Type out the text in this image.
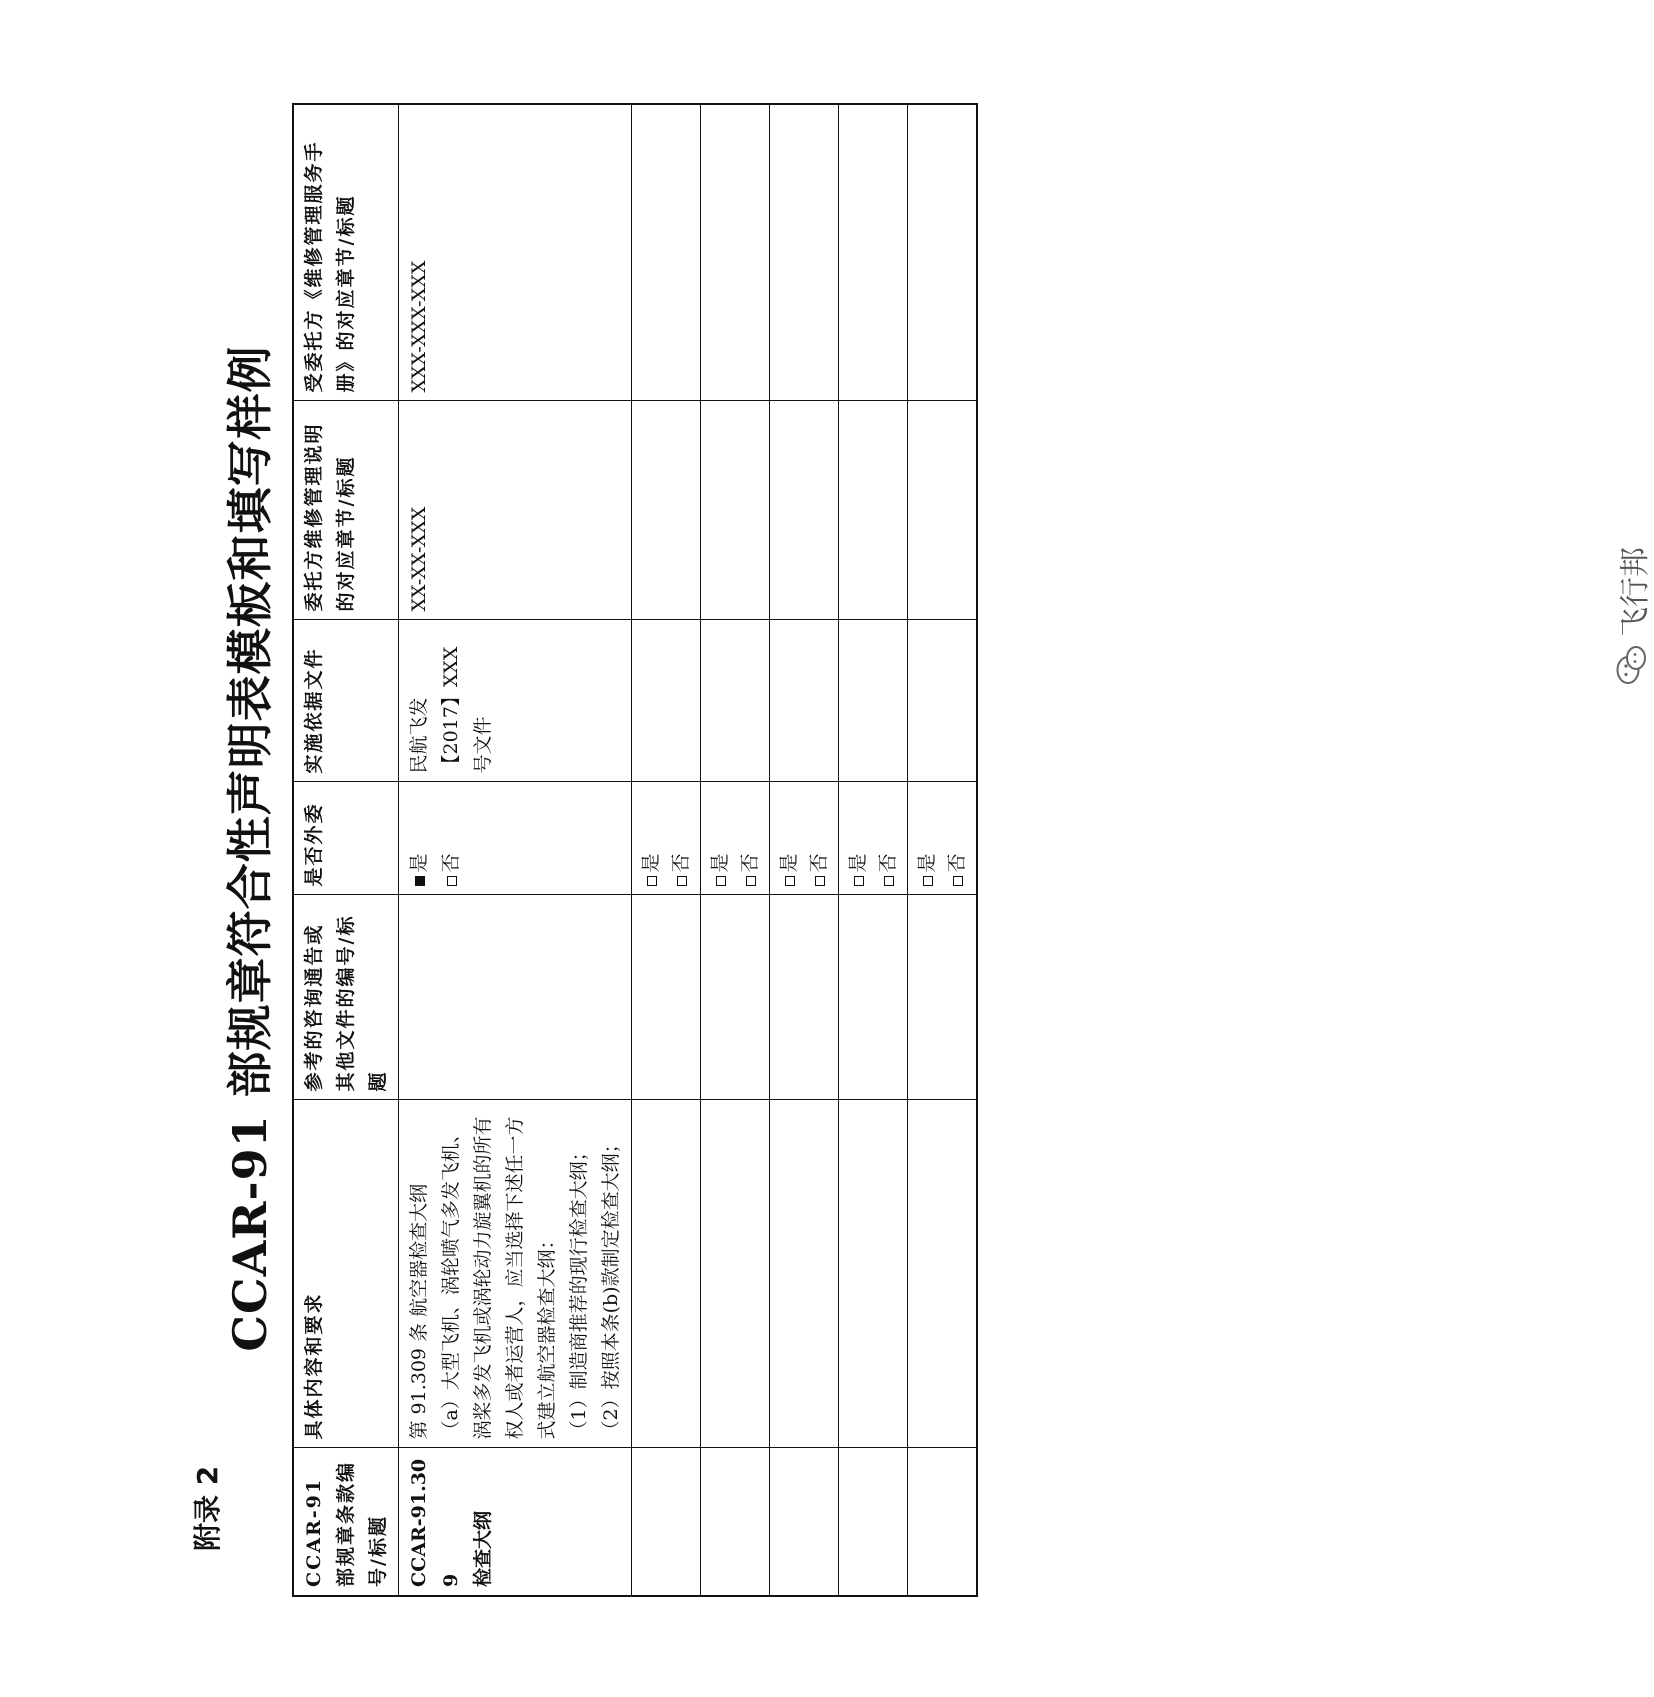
附录 2
CCAR-91 部规章符合性声明表模板和填写样例
CCAR-91 部规章条款编号/标题	具体内容和要求	参考的咨询通告或其他文件的编号/标题	是否外委	实施依据文件	委托方维修管理说明的对应章节/标题	受委托方《维修管理服务手册》的对应章节/标题

CCAR-91.309 检查大纲	第 91.309 条 航空器检查大纲 （a）大型飞机、涡轮喷气多发飞机、涡桨多发飞机或涡轮动力旋翼机的所有权人或者运营人，应当选择下述任一方式建立航空器检查大纲： （1）制造商推荐的现行检查大纲； （2）按照本条(b)款制定检查大纲；		是 否	民航飞发 【2017】XXX 号文件	XX-XX-XXX	XXX-XXX-XXX

			是 否			

			是 否			

			是 否			

			是 否			

			是 否			

飞行邦
